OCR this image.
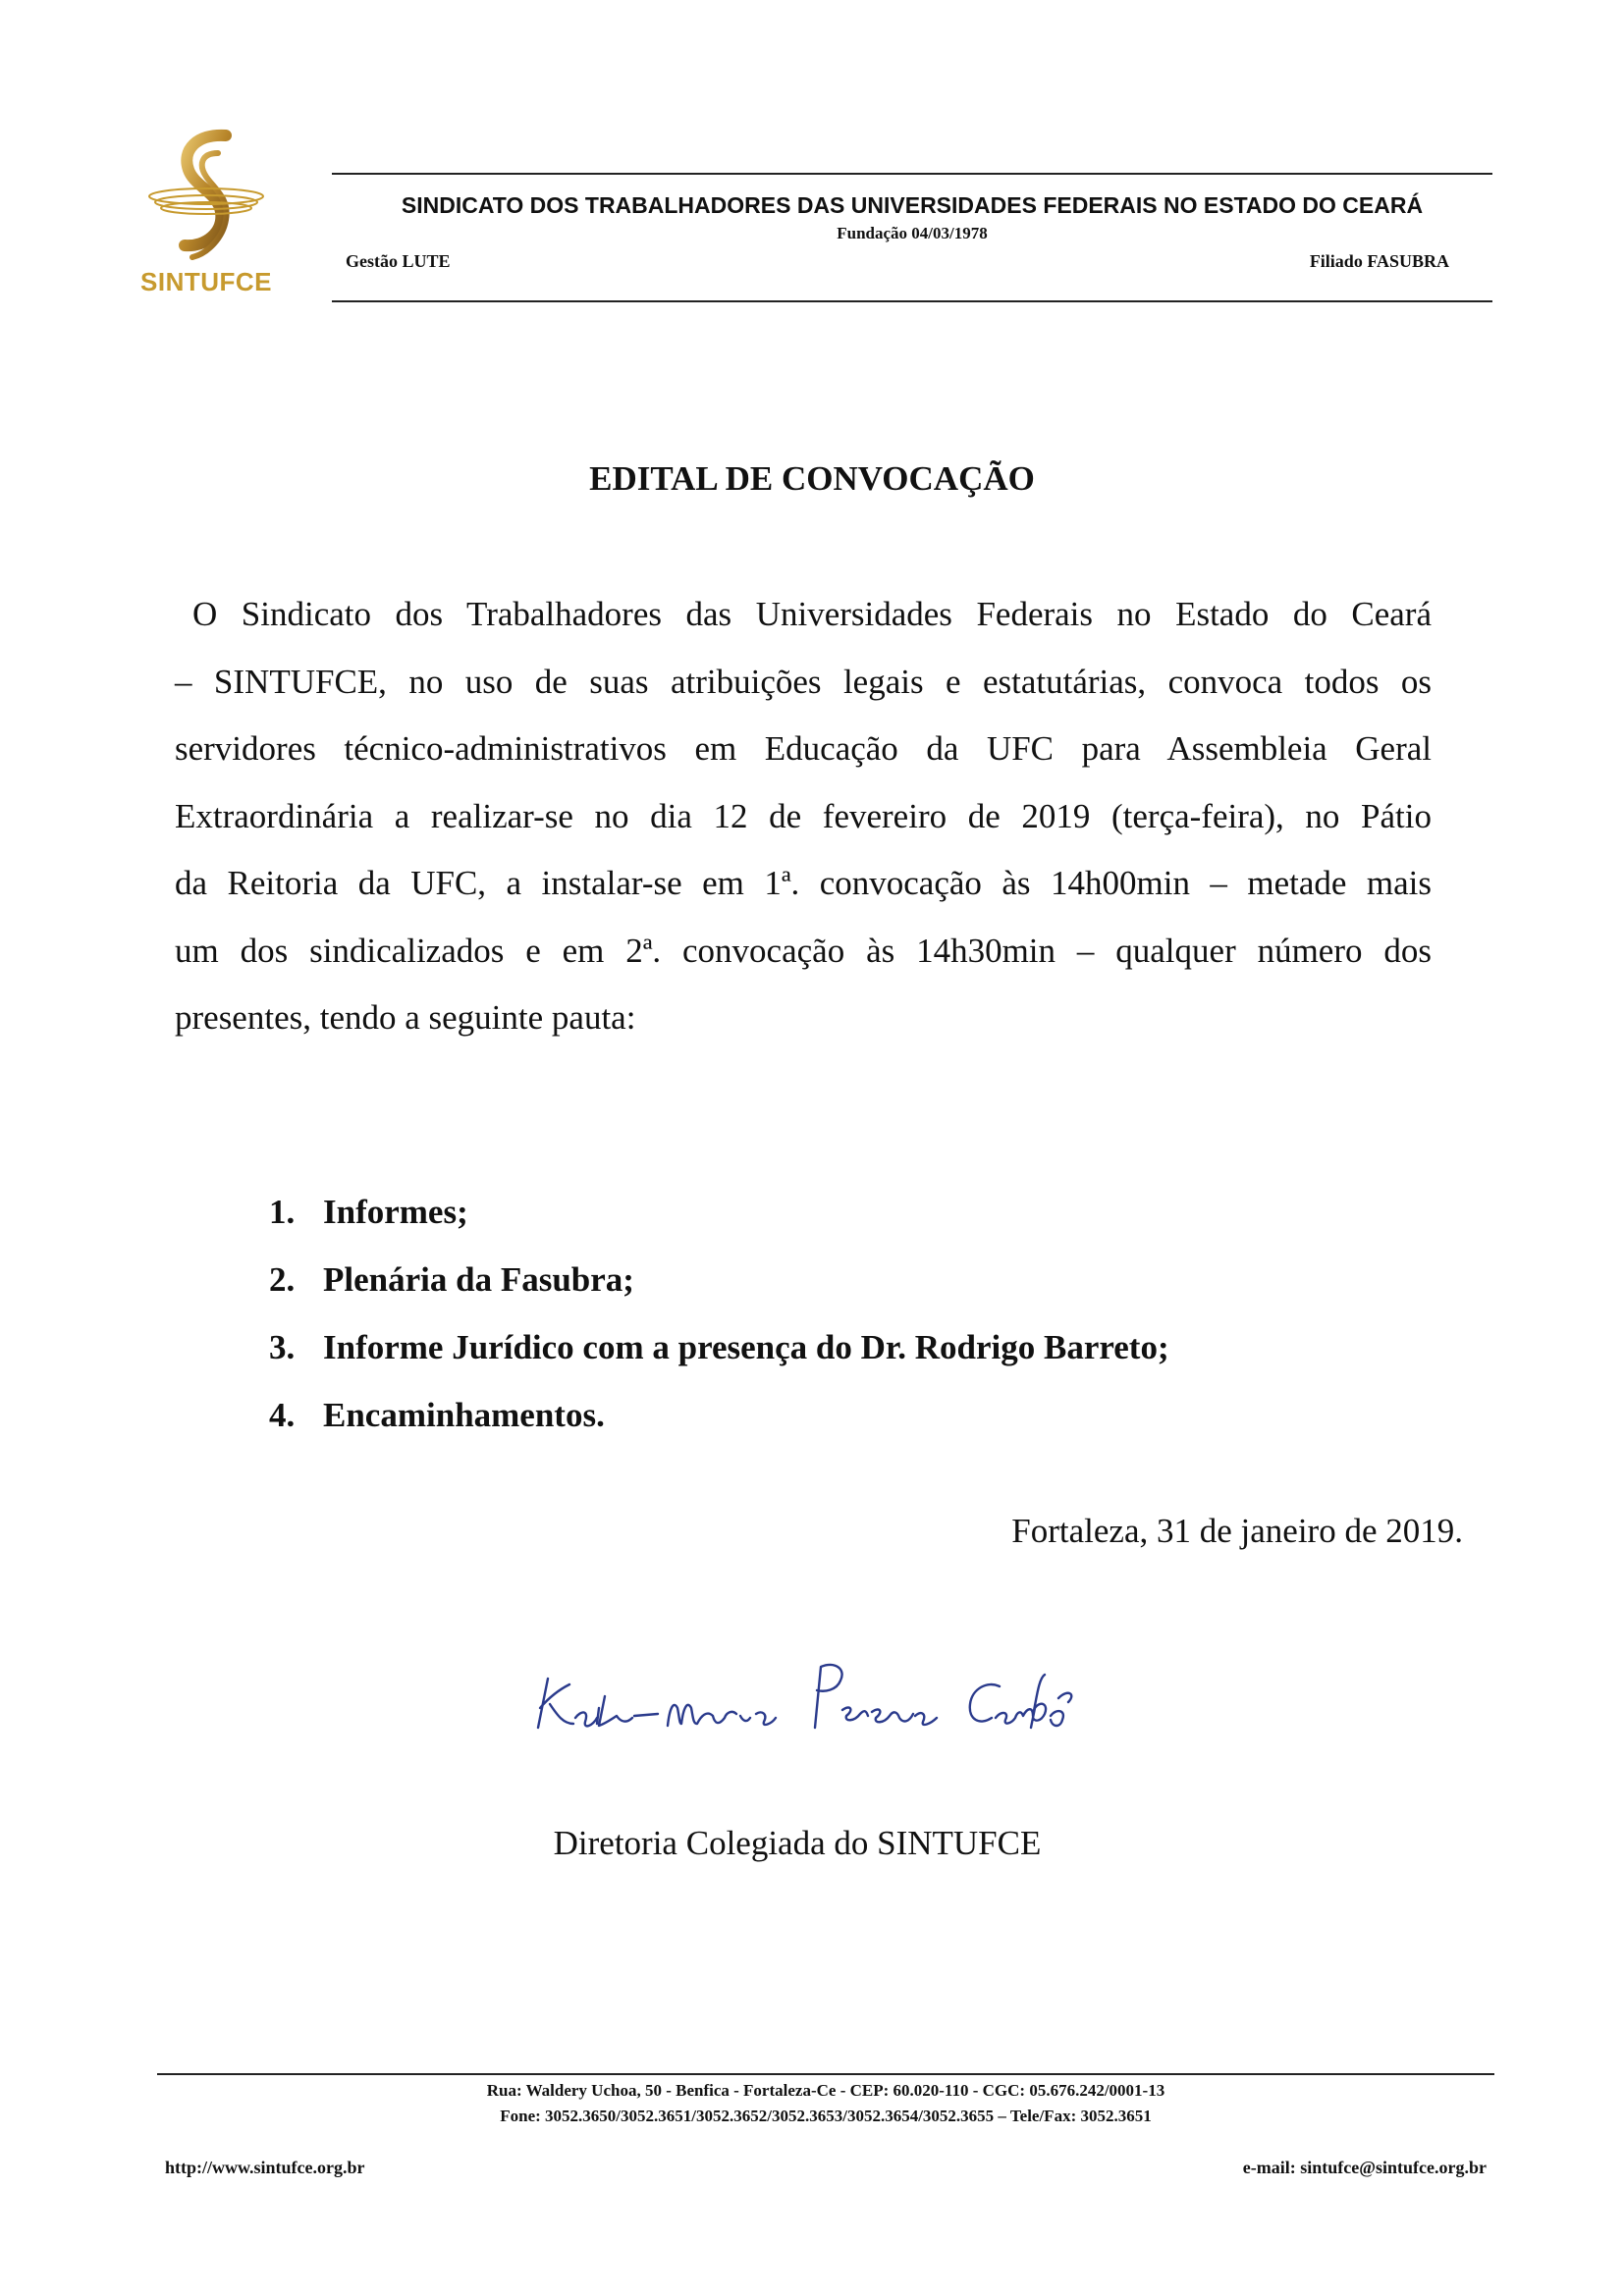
SINTUFCE
SINDICATO DOS TRABALHADORES DAS UNIVERSIDADES FEDERAIS NO ESTADO DO CEARÁ
Fundação 04/03/1978
Gestão LUTE	Filiado FASUBRA
EDITAL DE CONVOCAÇÃO
O Sindicato dos Trabalhadores das Universidades Federais no Estado do Ceará
– SINTUFCE, no uso de suas atribuições legais e estatutárias, convoca todos os
servidores técnico-administrativos em Educação da UFC para Assembleia Geral
Extraordinária a realizar-se no dia 12 de fevereiro de 2019 (terça-feira), no Pátio
da Reitoria da UFC, a instalar-se em 1ª. convocação às 14h00min – metade mais
um dos sindicalizados e em 2ª. convocação às 14h30min – qualquer número dos
presentes, tendo a seguinte pauta:
1. Informes;
2. Plenária da Fasubra;
3. Informe Jurídico com a presença do Dr. Rodrigo Barreto;
4. Encaminhamentos.
Fortaleza, 31 de janeiro de 2019.
Diretoria Colegiada do SINTUFCE
Rua: Waldery Uchoa, 50 - Benfica - Fortaleza-Ce - CEP: 60.020-110 - CGC: 05.676.242/0001-13
Fone: 3052.3650/3052.3651/3052.3652/3052.3653/3052.3654/3052.3655 – Tele/Fax: 3052.3651
http://www.sintufce.org.br	e-mail: sintufce@sintufce.org.br
